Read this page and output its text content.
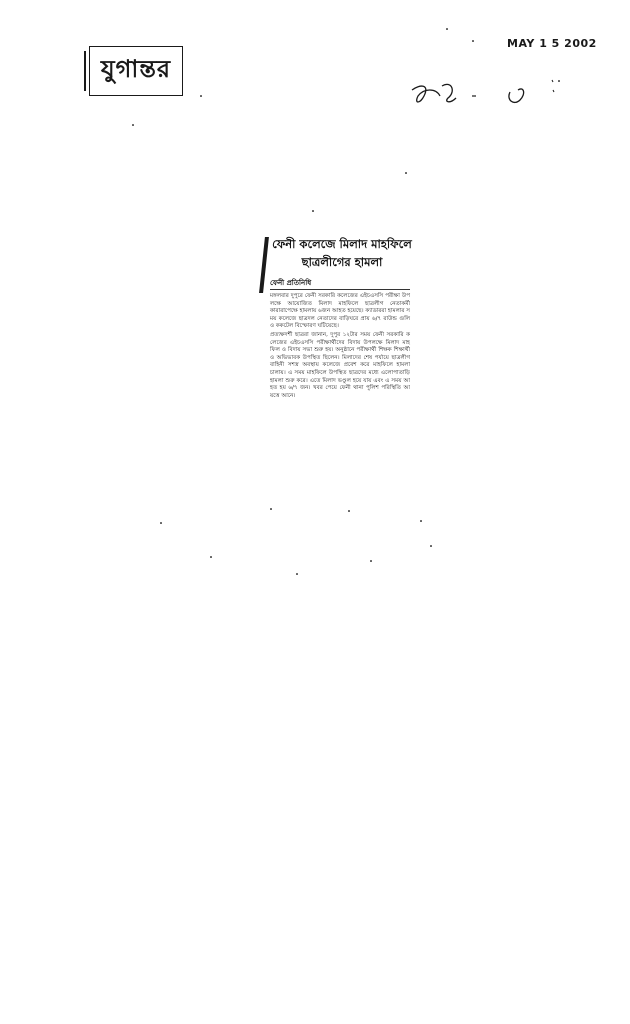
যুগান্তর
MAY 1 5 2002
ফেনী কলেজে মিলাদ মাহফিলে
ছাত্রলীগের হামলা
ফেনী প্রতিনিধি

মঙ্গলবার দুপুরে ফেনী সরকারি কলেজের এইচএসসি পরীক্ষা উপলক্ষে আয়োজিত মিলাদ মাহফিলে ছাত্রলীগ নেতাকর্মী কারারাপেক্ষে হামলায় ৬জন আহত হয়েছে। ক্যাডাররা হামলার সময় কলেজে ছাত্রদল নেতাদের বাড়িঘরে প্রায় ৬/৭ রাউন্ড গুলি ও ককটেল বিস্ফোরণ ঘটিয়েছে।

প্রত্যক্ষদর্শী ছাত্ররা জানান, দুপুর ১২টার সময় ফেনী সরকারি কলেজের এইচএসসি পরীক্ষার্থীদের বিদায় উপলক্ষে মিলাদ মাহফিল ও বিদায় সভা শুরু হয়। অনুষ্ঠানে পরীক্ষার্থী শিক্ষক শিক্ষার্থী ও অভিভাবক উপস্থিত ছিলেন। মিলাদের শেষ পর্যায়ে ছাত্রলীগ বাহিনী সশস্ত্র অবস্থায় কলেজে প্রবেশ করে মাহফিলে হামলা চালায়। এ সময় মাহফিলে উপস্থিত ছাত্রদের মধ্যে এলোপাতাড়ি হামলা শুরু করে। এতে মিলাদ ভণ্ডুল হয়ে যায় এবং এ সময় আহত হয় ৬/৭ জন। খবর পেয়ে ফেনী থানা পুলিশ পরিস্থিতি আয়ত্তে আনে।
